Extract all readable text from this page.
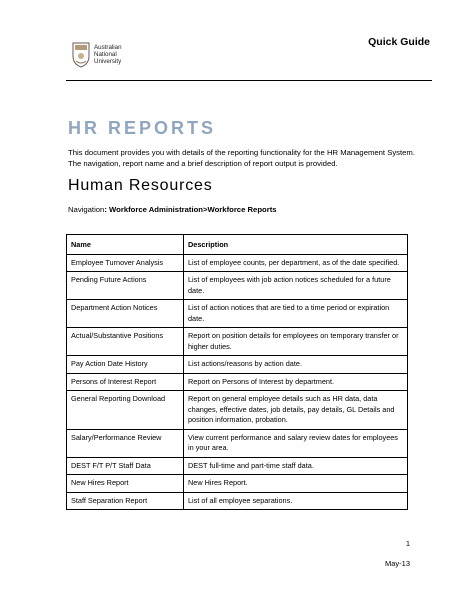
Quick Guide
Australian
National
University
HR REPORTS
This document provides you with details of the reporting functionality for the HR Management System. The navigation, report name and a brief description of report output is provided.
Human Resources
Navigation: Workforce Administration>Workforce Reports
Name	Description
Employee Turnover Analysis	List of employee counts, per department, as of the date specified.
Pending Future Actions	List of employees with job action notices scheduled for a future date.
Department Action Notices	List of action notices that are tied to a time period or expiration date.
Actual/Substantive Positions	Report on position details for employees on temporary transfer or higher duties.
Pay Action Date History	List actions/reasons by action date.
Persons of Interest Report	Report on Persons of Interest by department.
General Reporting Download	Report on general employee details such as HR data, data changes, effective dates, job details, pay details, GL Details and position information, probation.
Salary/Performance Review	View current performance and salary review dates for employees in your area.
DEST F/T P/T Staff Data	DEST full-time and part-time staff data.
New Hires Report	New Hires Report.
Staff Separation Report	List of all employee separations.
1
May-13
